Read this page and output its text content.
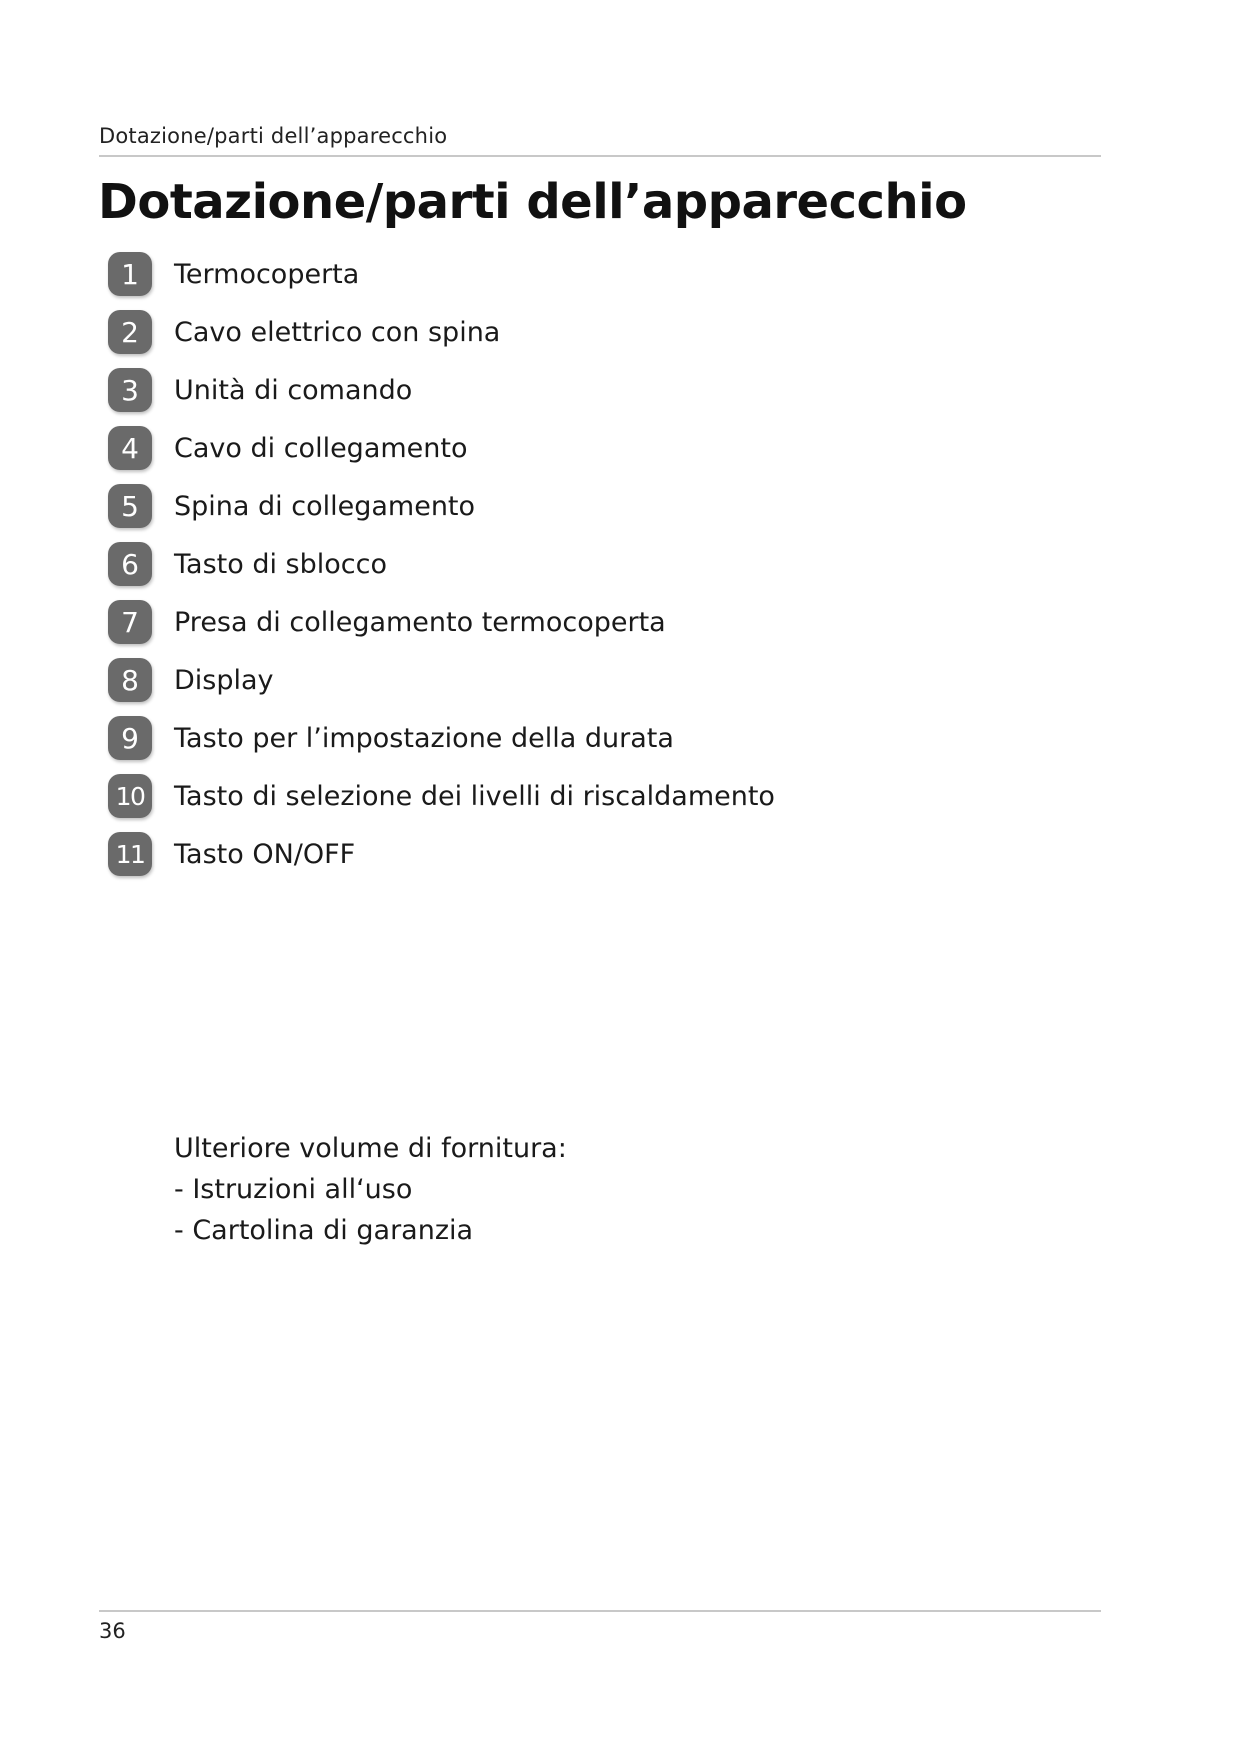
Dotazione/parti dell’apparecchio
Dotazione/parti dell’apparecchio
1	Termocoperta
2	Cavo elettrico con spina
3	Unità di comando
4	Cavo di collegamento
5	Spina di collegamento
6	Tasto di sblocco
7	Presa di collegamento termocoperta
8	Display
9	Tasto per l’impostazione della durata
10 Tasto di selezione dei livelli di riscaldamento
11 Tasto ON/OFF
Ulteriore volume di fornitura:
- Istruzioni all‘uso
- Cartolina di garanzia
36
